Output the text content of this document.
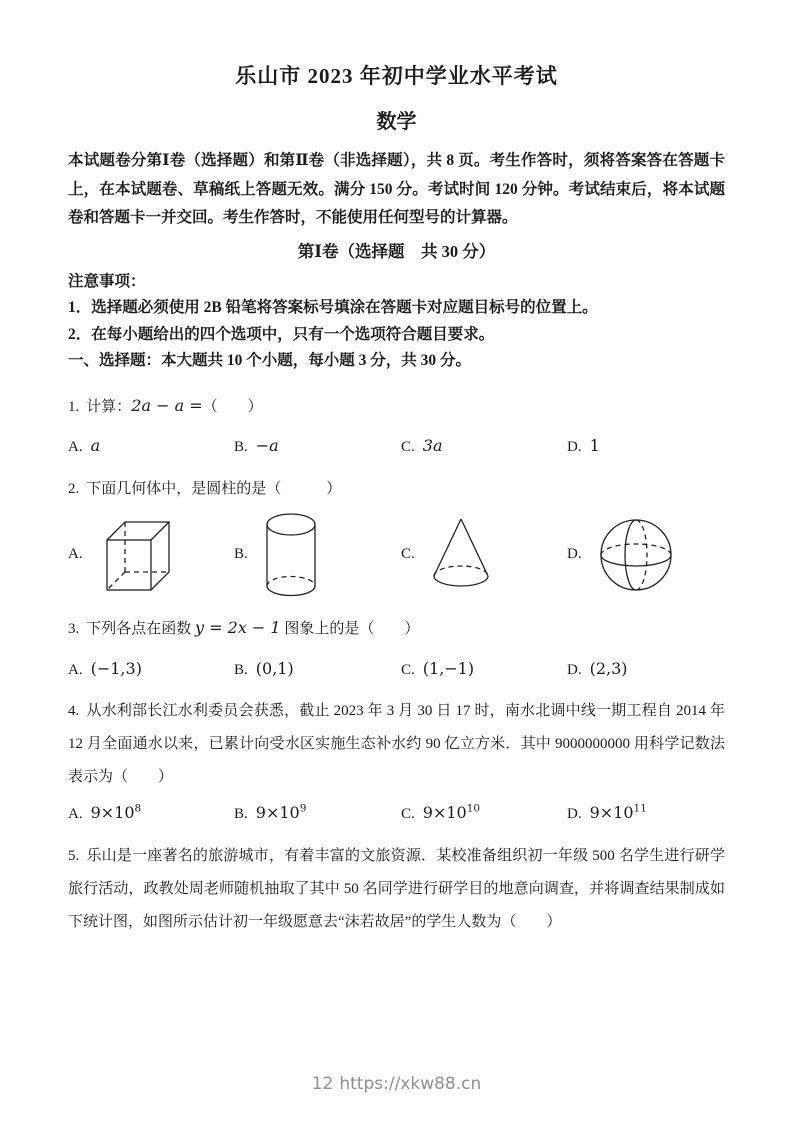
乐山市 2023 年初中学业水平考试
数学

本试题卷分第Ⅰ卷（选择题）和第Ⅱ卷（非选择题），共 8 页。考生作答时，须将答案答在答题卡上，在本试题卷、草稿纸上答题无效。满分 150 分。考试时间 120 分钟。考试结束后，将本试题卷和答题卡一并交回。考生作答时，不能使用任何型号的计算器。

第Ⅰ卷（选择题　共 30 分）
注意事项：
1．选择题必须使用 2B 铅笔将答案标号填涂在答题卡对应题目标号的位置上。
2．在每小题给出的四个选项中，只有一个选项符合题目要求。
一、选择题：本大题共 10 个小题，每小题 3 分，共 30 分。

1. 计算：2a − a =（　　）

A. a	B. −a	C. 3a	D. 1

2. 下面几何体中，是圆柱的是（　　　）

A.	B.	C.	D.

3. 下列各点在函数 y = 2x − 1 图象上的是（　　）

A. (−1,3)	B. (0,1)	C. (1,−1)	D. (2,3)

4. 从水利部长江水利委员会获悉，截止 2023 年 3 月 30 日 17 时，南水北调中线一期工程自 2014 年 12 月全面通水以来，已累计向受水区实施生态补水约 90 亿立方米．其中 9000000000 用科学记数法表示为（　　）

A. $9\times 10^8$	B. $9\times 10^9$	C. $9\times 10^{10}$	D. $9\times 10^{11}$

5. 乐山是一座著名的旅游城市，有着丰富的文旅资源．某校准备组织初一年级 500 名学生进行研学旅行活动，政教处周老师随机抽取了其中 50 名同学进行研学目的地意向调查，并将调查结果制成如下统计图，如图所示估计初一年级愿意去“沫若故居”的学生人数为（　　）

12 https://xkw88.cn
